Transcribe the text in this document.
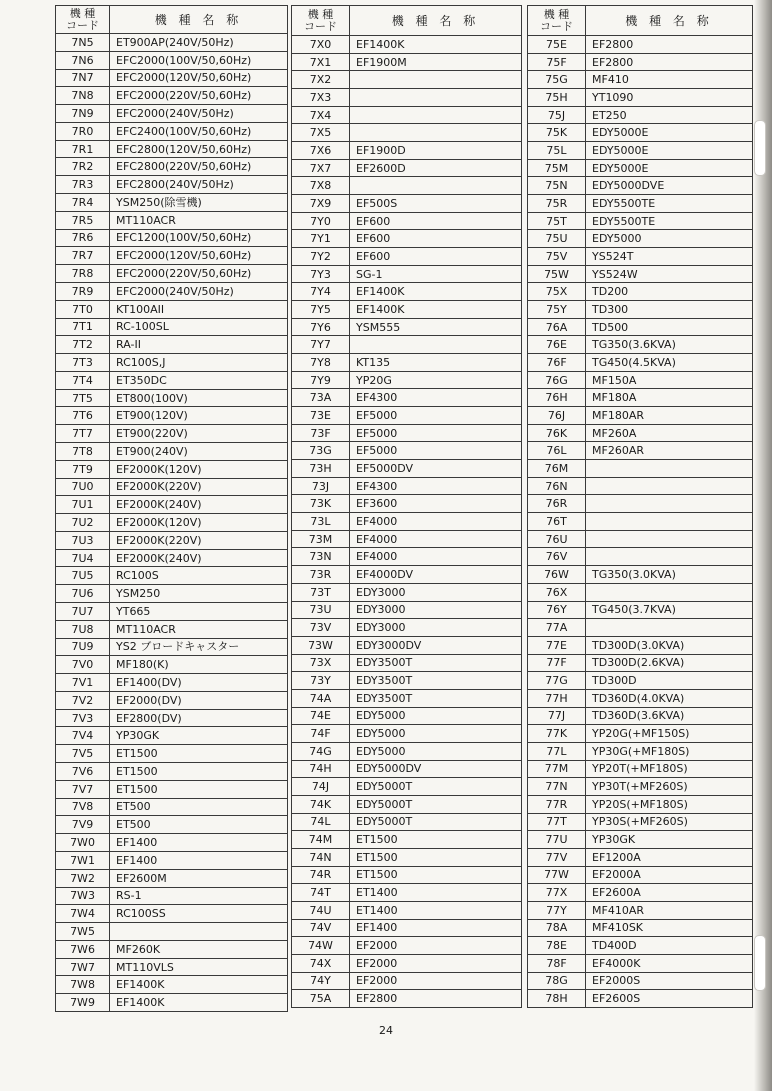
機 種
コード	機 種 名 称
7N5	ET900AP(240V/50Hz)
7N6	EFC2000(100V/50,60Hz)
7N7	EFC2000(120V/50,60Hz)
7N8	EFC2000(220V/50,60Hz)
7N9	EFC2000(240V/50Hz)
7R0	EFC2400(100V/50,60Hz)
7R1	EFC2800(120V/50,60Hz)
7R2	EFC2800(220V/50,60Hz)
7R3	EFC2800(240V/50Hz)
7R4	YSM250(除雪機)
7R5	MT110ACR
7R6	EFC1200(100V/50,60Hz)
7R7	EFC2000(120V/50,60Hz)
7R8	EFC2000(220V/50,60Hz)
7R9	EFC2000(240V/50Hz)
7T0	KT100AII
7T1	RC-100SL
7T2	RA-II
7T3	RC100S,J
7T4	ET350DC
7T5	ET800(100V)
7T6	ET900(120V)
7T7	ET900(220V)
7T8	ET900(240V)
7T9	EF2000K(120V)
7U0	EF2000K(220V)
7U1	EF2000K(240V)
7U2	EF2000K(120V)
7U3	EF2000K(220V)
7U4	EF2000K(240V)
7U5	RC100S
7U6	YSM250
7U7	YT665
7U8	MT110ACR
7U9	YS2 ブロードキャスター
7V0	MF180(K)
7V1	EF1400(DV)
7V2	EF2000(DV)
7V3	EF2800(DV)
7V4	YP30GK
7V5	ET1500
7V6	ET1500
7V7	ET1500
7V8	ET500
7V9	ET500
7W0	EF1400
7W1	EF1400
7W2	EF2600M
7W3	RS-1
7W4	RC100SS
7W5	
7W6	MF260K
7W7	MT110VLS
7W8	EF1400K
7W9	EF1400K
機 種
コード	機 種 名 称
7X0	EF1400K
7X1	EF1900M
7X2	
7X3	
7X4	
7X5	
7X6	EF1900D
7X7	EF2600D
7X8	
7X9	EF500S
7Y0	EF600
7Y1	EF600
7Y2	EF600
7Y3	SG-1
7Y4	EF1400K
7Y5	EF1400K
7Y6	YSM555
7Y7	
7Y8	KT135
7Y9	YP20G
73A	EF4300
73E	EF5000
73F	EF5000
73G	EF5000
73H	EF5000DV
73J	EF4300
73K	EF3600
73L	EF4000
73M	EF4000
73N	EF4000
73R	EF4000DV
73T	EDY3000
73U	EDY3000
73V	EDY3000
73W	EDY3000DV
73X	EDY3500T
73Y	EDY3500T
74A	EDY3500T
74E	EDY5000
74F	EDY5000
74G	EDY5000
74H	EDY5000DV
74J	EDY5000T
74K	EDY5000T
74L	EDY5000T
74M	ET1500
74N	ET1500
74R	ET1500
74T	ET1400
74U	ET1400
74V	EF1400
74W	EF2000
74X	EF2000
74Y	EF2000
75A	EF2800
機 種
コード	機 種 名 称
75E	EF2800
75F	EF2800
75G	MF410
75H	YT1090
75J	ET250
75K	EDY5000E
75L	EDY5000E
75M	EDY5000E
75N	EDY5000DVE
75R	EDY5500TE
75T	EDY5500TE
75U	EDY5000
75V	YS524T
75W	YS524W
75X	TD200
75Y	TD300
76A	TD500
76E	TG350(3.6KVA)
76F	TG450(4.5KVA)
76G	MF150A
76H	MF180A
76J	MF180AR
76K	MF260A
76L	MF260AR
76M	
76N	
76R	
76T	
76U	
76V	
76W	TG350(3.0KVA)
76X	
76Y	TG450(3.7KVA)
77A	
77E	TD300D(3.0KVA)
77F	TD300D(2.6KVA)
77G	TD300D
77H	TD360D(4.0KVA)
77J	TD360D(3.6KVA)
77K	YP20G(+MF150S)
77L	YP30G(+MF180S)
77M	YP20T(+MF180S)
77N	YP30T(+MF260S)
77R	YP20S(+MF180S)
77T	YP30S(+MF260S)
77U	YP30GK
77V	EF1200A
77W	EF2000A
77X	EF2600A
77Y	MF410AR
78A	MF410SK
78E	TD400D
78F	EF4000K
78G	EF2000S
78H	EF2600S
24
